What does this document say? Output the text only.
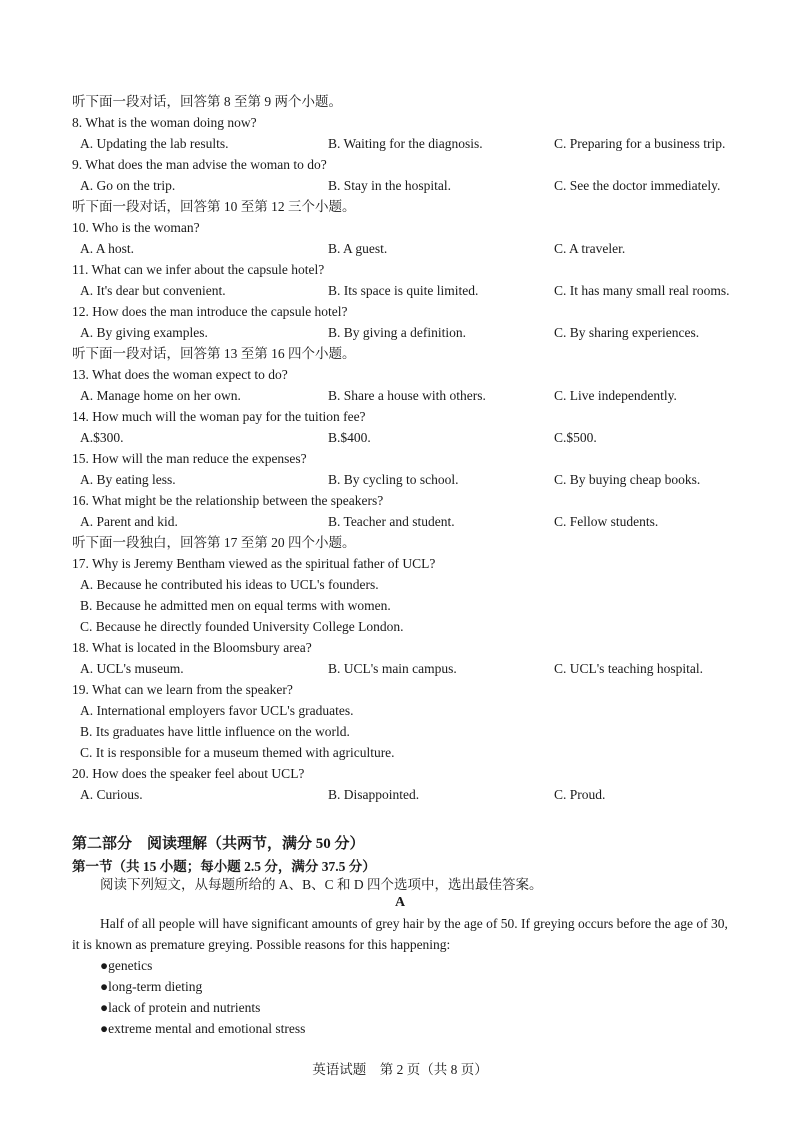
听下面一段对话，回答第 8 至第 9 两个小题。
8. What is the woman doing now?
A. Updating the lab results.	B. Waiting for the diagnosis.	C. Preparing for a business trip.
9. What does the man advise the woman to do?
A. Go on the trip.	B. Stay in the hospital.	C. See the doctor immediately.
听下面一段对话，回答第 10 至第 12 三个小题。
10. Who is the woman?
A. A host.	B. A guest.	C. A traveler.
11. What can we infer about the capsule hotel?
A. It's dear but convenient.	B. Its space is quite limited.	C. It has many small real rooms.
12. How does the man introduce the capsule hotel?
A. By giving examples.	B. By giving a definition.	C. By sharing experiences.
听下面一段对话，回答第 13 至第 16 四个小题。
13. What does the woman expect to do?
A. Manage home on her own.	B. Share a house with others.	C. Live independently.
14. How much will the woman pay for the tuition fee?
A.$300.	B.$400.	C.$500.
15. How will the man reduce the expenses?
A. By eating less.	B. By cycling to school.	C. By buying cheap books.
16. What might be the relationship between the speakers?
A. Parent and kid.	B. Teacher and student.	C. Fellow students.
听下面一段独白，回答第 17 至第 20 四个小题。
17. Why is Jeremy Bentham viewed as the spiritual father of UCL?
A. Because he contributed his ideas to UCL's founders.
B. Because he admitted men on equal terms with women.
C. Because he directly founded University College London.
18. What is located in the Bloomsbury area?
A. UCL's museum.	B. UCL's main campus.	C. UCL's teaching hospital.
19. What can we learn from the speaker?
A. International employers favor UCL's graduates.
B. Its graduates have little influence on the world.
C. It is responsible for a museum themed with agriculture.
20. How does the speaker feel about UCL?
A. Curious.	B. Disappointed.	C. Proud.
第二部分　阅读理解（共两节，满分 50 分）
第一节（共 15 小题；每小题 2.5 分，满分 37.5 分）
阅读下列短文，从每题所给的 A、B、C 和 D 四个选项中，选出最佳答案。
A

Half of all people will have significant amounts of grey hair by the age of 50. If greying occurs before the age of 30, it is known as premature greying. Possible reasons for this happening:

●genetics
●long-term dieting
●lack of protein and nutrients
●extreme mental and emotional stress
英语试题　第 2 页（共 8 页）
